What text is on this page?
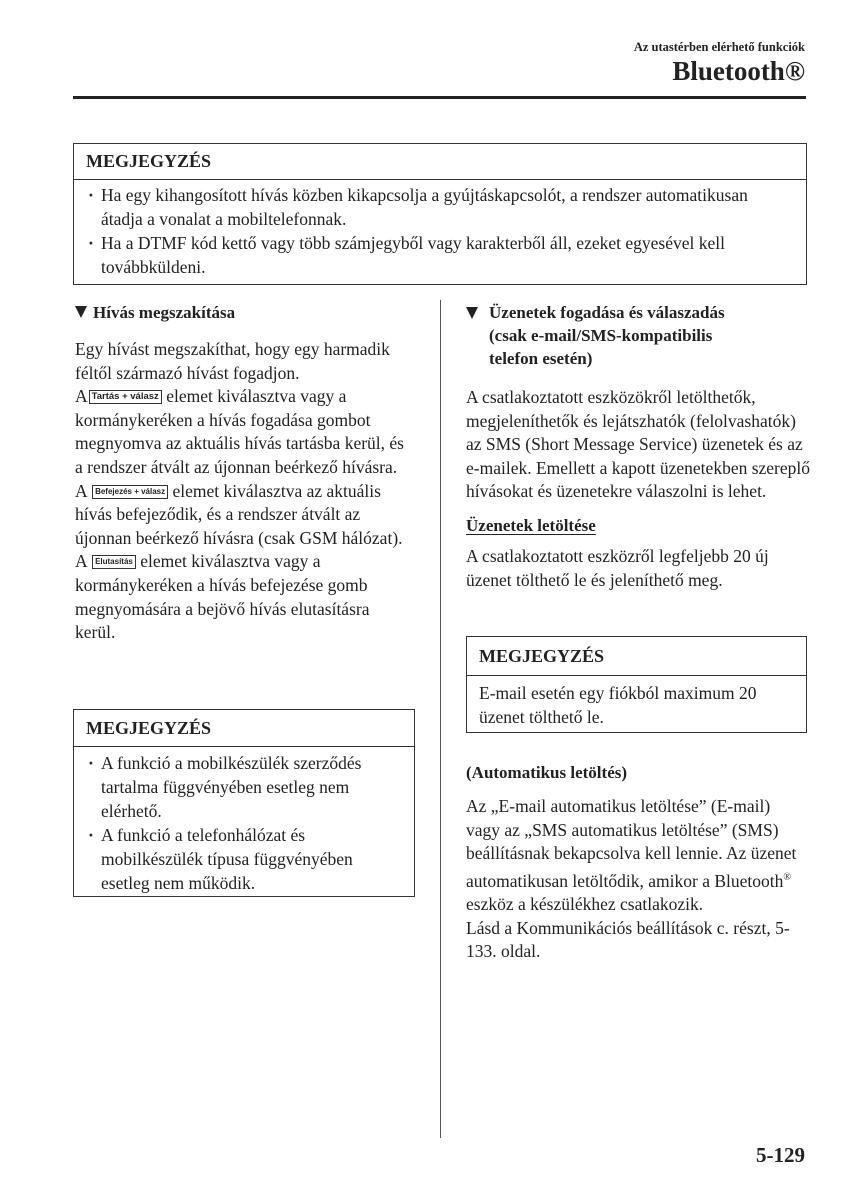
Az utastérben elérhető funkciók
Bluetooth®
MEGJEGYZÉS
· Ha egy kihangosított hívás közben kikapcsolja a gyújtáskapcsolót, a rendszer automatikusan átadja a vonalat a mobiltelefonnak.
· Ha a DTMF kód kettő vagy több számjegyből vagy karakterből áll, ezeket egyesével kell továbbküldeni.
Hívás megszakítása
Egy hívást megszakíthat, hogy egy harmadik féltől származó hívást fogadjon.
A Tartás + válasz elemet kiválasztva vagy a kormánykeréken a hívás fogadása gombot megnyomva az aktuális hívás tartásba kerül, és a rendszer átvált az újonnan beérkező hívásra.
A Befejezés + válasz elemet kiválasztva az aktuális hívás befejeződik, és a rendszer átvált az újonnan beérkező hívásra (csak GSM hálózat).
A Elutasítás elemet kiválasztva vagy a kormánykeréken a hívás befejezése gomb megnyomására a bejövő hívás elutasításra kerül.
MEGJEGYZÉS
· A funkció a mobilkészülék szerződés tartalma függvényében esetleg nem elérhető.
· A funkció a telefonhálózat és mobilkészülék típusa függvényében esetleg nem működik.
Üzenetek fogadása és válaszadás
(csak e-mail/SMS-kompatibilis
telefon esetén)
A csatlakoztatott eszközökről letölthetők, megjeleníthetők és lejátszhatók (felolvashatók) az SMS (Short Message Service) üzenetek és az e-mailek. Emellett a kapott üzenetekben szereplő hívásokat és üzenetekre válaszolni is lehet.
Üzenetek letöltése
A csatlakoztatott eszközről legfeljebb 20 új üzenet tölthető le és jeleníthető meg.
MEGJEGYZÉS
E-mail esetén egy fiókból maximum 20 üzenet tölthető le.
(Automatikus letöltés)
Az „E-mail automatikus letöltése” (E-mail) vagy az „SMS automatikus letöltése” (SMS) beállításnak bekapcsolva kell lennie. Az üzenet automatikusan letöltődik, amikor a Bluetooth® eszköz a készülékhez csatlakozik.
Lásd a Kommunikációs beállítások c. részt, 5-133. oldal.
5-129
